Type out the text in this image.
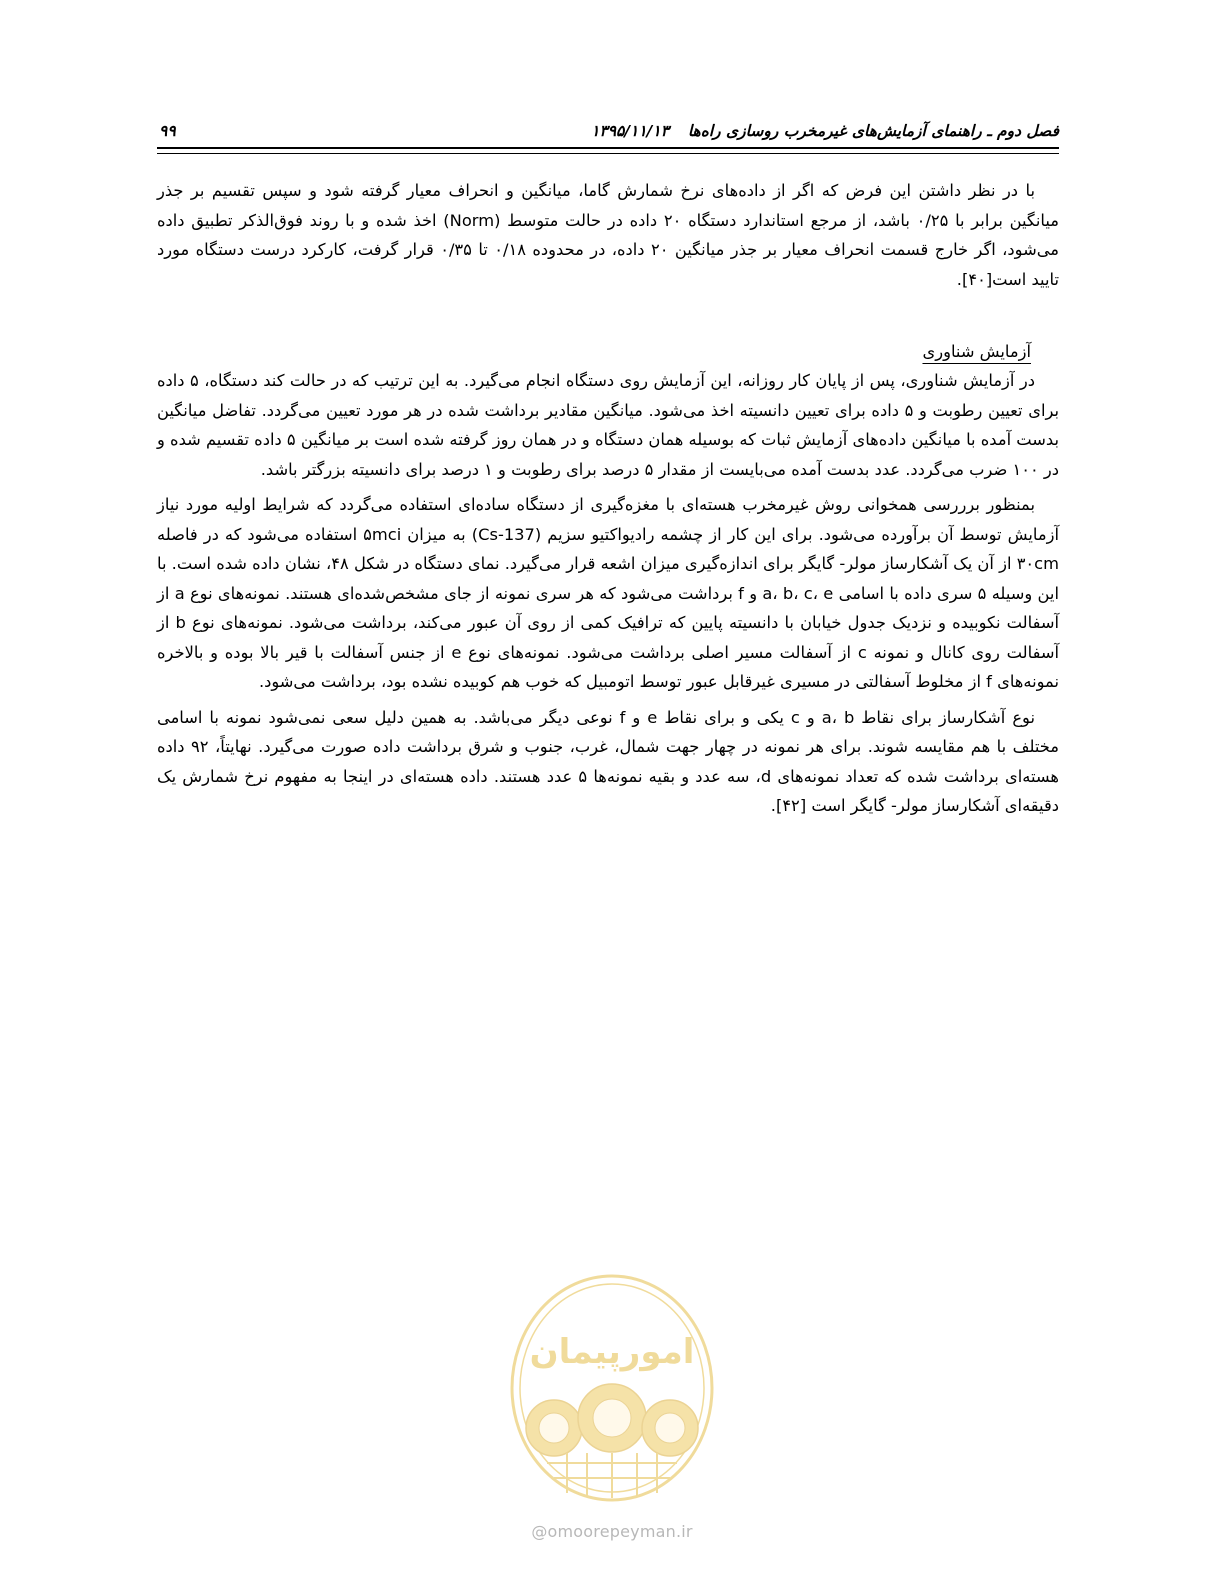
فصل دوم ـ راهنمای آزمایش‌های غیرمخرب روسازی راه‌ها
۱۳۹۵/۱۱/۱۳
۹۹

با در نظر داشتن این فرض که اگر از داده‌های نرخ شمارش گاما، میانگین و انحراف معیار گرفته شود و سپس تقسیم بر جذر میانگین برابر با ۰/۲۵ باشد، از مرجع استاندارد دستگاه ۲۰ داده در حالت متوسط (Norm) اخذ شده و با روند فوق‌الذکر تطبیق داده می‌شود، اگر خارج قسمت انحراف معیار بر جذر میانگین ۲۰ داده، در محدوده ۰/۱۸ تا ۰/۳۵ قرار گرفت، کارکرد درست دستگاه مورد تایید است[۴۰].

آزمایش شناوری

در آزمایش شناوری، پس از پایان کار روزانه، این آزمایش روی دستگاه انجام می‌گیرد. به این ترتیب که در حالت کند دستگاه، ۵ داده برای تعیین رطوبت و ۵ داده برای تعیین دانسیته اخذ می‌شود. میانگین مقادیر برداشت شده در هر مورد تعیین می‌گردد. تفاضل میانگین بدست آمده با میانگین داده‌های آزمایش ثبات که بوسیله همان دستگاه و در همان روز گرفته شده است بر میانگین ۵ داده تقسیم شده و در ۱۰۰ ضرب می‌گردد. عدد بدست آمده می‌بایست از مقدار ۵ درصد برای رطوبت و ۱ درصد برای دانسیته بزرگتر باشد.

بمنظور برررسی همخوانی روش غیرمخرب هسته‌ای با مغزه‌گیری از دستگاه ساده‌ای استفاده می‌گردد که شرایط اولیه مورد نیاز آزمایش توسط آن برآورده می‌شود. برای این کار از چشمه رادیواکتیو سزیم (Cs-137) به میزان ۵mci استفاده می‌شود که در فاصله ۳۰cm از آن یک آشکارساز مولر- گایگر برای اندازه‌گیری میزان اشعه قرار می‌گیرد. نمای دستگاه در شکل ۴۸، نشان داده شده است. با این وسیله ۵ سری داده با اسامی a، b، c، e و f برداشت می‌شود که هر سری نمونه از جای مشخص‌شده‌ای هستند. نمونه‌های نوع a از آسفالت نکوبیده و نزدیک جدول خیابان با دانسیته پایین که ترافیک کمی از روی آن عبور می‌کند، برداشت می‌شود. نمونه‌های نوع b از آسفالت روی کانال و نمونه c از آسفالت مسیر اصلی برداشت می‌شود. نمونه‌های نوع e از جنس آسفالت با قیر بالا بوده و بالاخره نمونه‌های f از مخلوط آسفالتی در مسیری غیرقابل عبور توسط اتومبیل که خوب هم کوبیده نشده بود، برداشت می‌شود.

نوع آشکارساز برای نقاط a، b و c یکی و برای نقاط e و f نوعی دیگر می‌باشد. به همین دلیل سعی نمی‌شود نمونه با اسامی مختلف با هم مقایسه شوند. برای هر نمونه در چهار جهت شمال، غرب، جنوب و شرق برداشت داده صورت می‌گیرد. نهایتاً، ۹۲ داده هسته‌ای برداشت شده که تعداد نمونه‌های d، سه عدد و بقیه نمونه‌ها ۵ عدد هستند. داده هسته‌ای در اینجا به مفهوم نرخ شمارش یک دقیقه‌ای آشکارساز مولر- گایگر است [۴۲].

امورپیمان
@omoorepeyman.ir
